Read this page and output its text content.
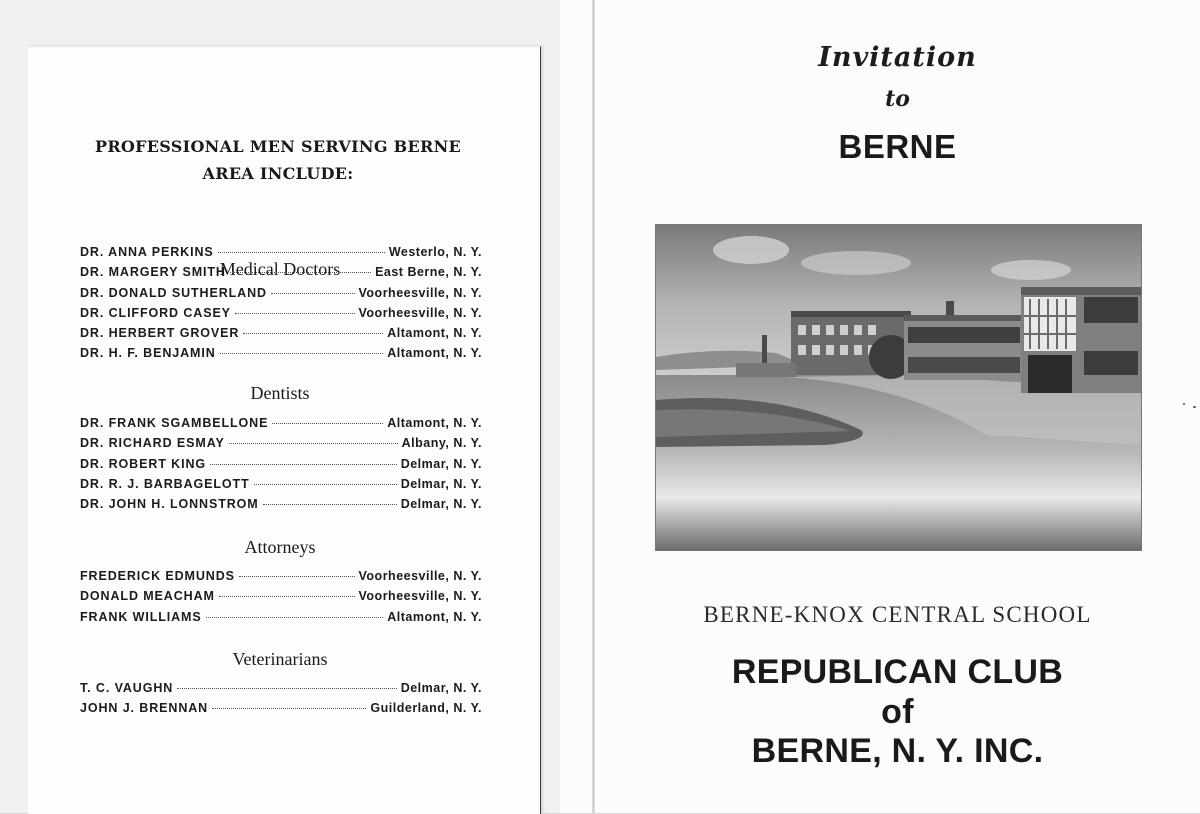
PROFESSIONAL MEN SERVING BERNE AREA INCLUDE:
Medical Doctors
DR. ANNA PERKINS	Westerlo, N. Y.
DR. MARGERY SMITH	East Berne, N. Y.
DR. DONALD SUTHERLAND	Voorheesville, N. Y.
DR. CLIFFORD CASEY	Voorheesville, N. Y.
DR. HERBERT GROVER	Altamont, N. Y.
DR. H. F. BENJAMIN	Altamont, N. Y.
Dentists
DR. FRANK SGAMBELLONE	Altamont, N. Y.
DR. RICHARD ESMAY	Albany, N. Y.
DR. ROBERT KING	Delmar, N. Y.
DR. R. J. BARBAGELOTT	Delmar, N. Y.
DR. JOHN H. LONNSTROM	Delmar, N. Y.
Attorneys
FREDERICK EDMUNDS	Voorheesville, N. Y.
DONALD MEACHAM	Voorheesville, N. Y.
FRANK WILLIAMS	Altamont, N. Y.
Veterinarians
T. C. VAUGHN	Delmar, N. Y.
JOHN J. BRENNAN	Guilderland, N. Y.
Invitation
to
BERNE
BERNE-KNOX CENTRAL SCHOOL
REPUBLICAN CLUB
of
BERNE, N. Y. INC.
